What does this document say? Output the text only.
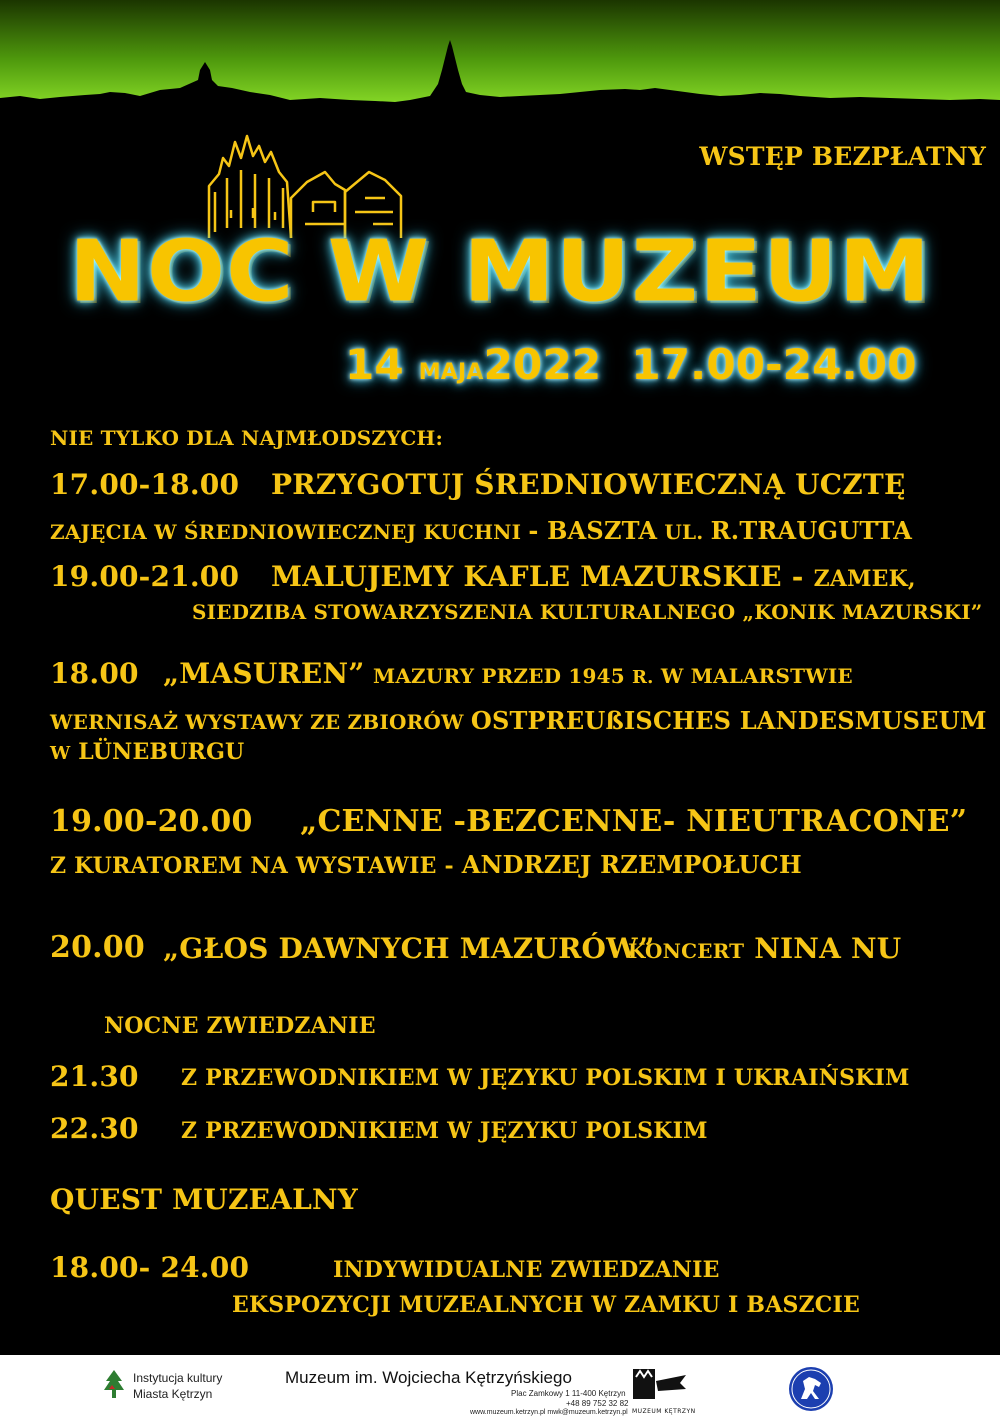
WSTĘP BEZPŁATNY
NOC W MUZEUM
14 MAJA2022 17.00-24.00
NIE TYLKO DLA NAJMŁODSZYCH:
17.00-18.00 PRZYGOTUJ ŚREDNIOWIECZNĄ UCZTĘ
ZAJĘCIA W ŚREDNIOWIECZNEJ KUCHNI - BASZTA UL. R.TRAUGUTTA
19.00-21.00 MALUJEMY KAFLE MAZURSKIE - ZAMEK,
SIEDZIBA STOWARZYSZENIA KULTURALNEGO „KONIK MAZURSKI”
18.00 „MASUREN” MAZURY PRZED 1945 R. W MALARSTWIE
WERNISAŻ WYSTAWY ZE ZBIORÓW OSTPREUßISCHES LANDESMUSEUM
W LÜNEBURGU
19.00-20.00 „CENNE -BEZCENNE- NIEUTRACONE”
Z KURATOREM NA WYSTAWIE - ANDRZEJ RZEMPOŁUCH
20.00 „GŁOS DAWNYCH MAZURÓW”
KONCERT NINA NU
NOCNE ZWIEDZANIE
21.30 Z PRZEWODNIKIEM W JĘZYKU POLSKIM I UKRAIŃSKIM
22.30 Z PRZEWODNIKIEM W JĘZYKU POLSKIM
QUEST MUZEALNY
18.00- 24.00	INDYWIDUALNE ZWIEDZANIE
EKSPOZYCJI MUZEALNYCH W ZAMKU I BASZCIE
Instytucja kultury
Miasta Kętrzyn
Muzeum im. Wojciecha Kętrzyńskiego
Plac Zamkowy 1 11-400 Kętrzyn
+48 89 752 32 82
www.muzeum.ketrzyn.pl mwk@muzeum.ketrzyn.pl MUZEUM KĘTRZYN
